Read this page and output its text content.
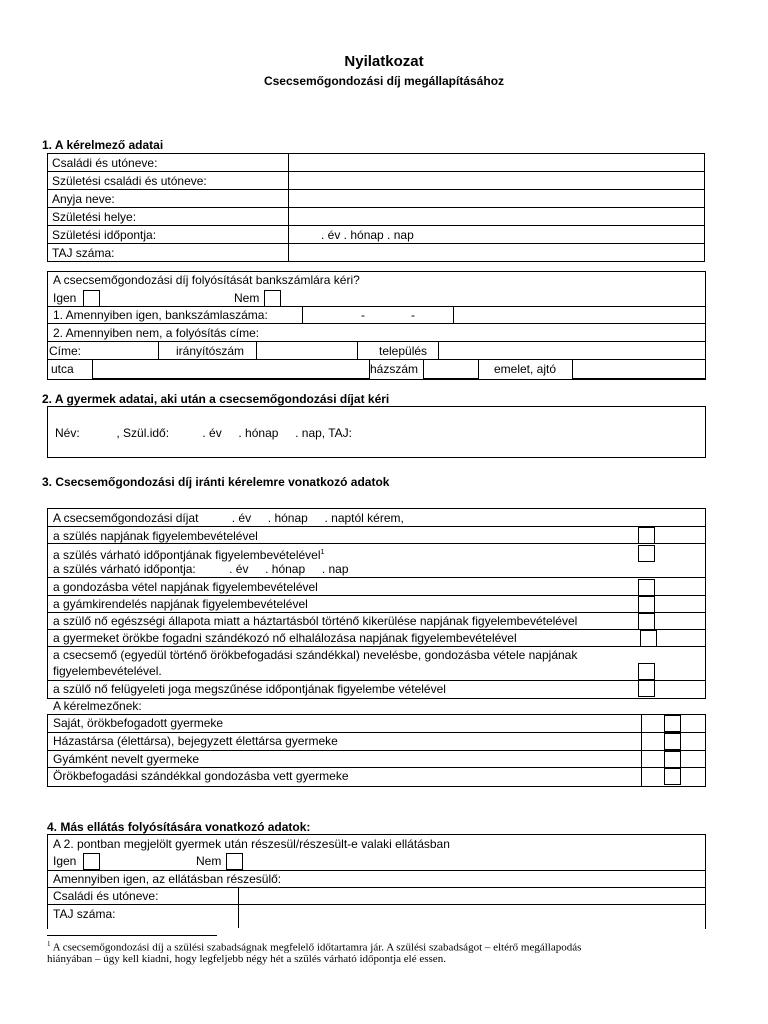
Nyilatkozat
Csecsemőgondozási díj megállapításához
1. A kérelmező adatai
Családi és utóneve:	
Születési családi és utóneve:	
Anyja neve:	
Születési helye:	
Születési időpontja:	. év . hónap . nap
TAJ száma:	
A csecsemőgondozási díj folyósítását bankszámlára kéri?
Igen	Nem
1. Amennyiben igen, bankszámlaszáma:	-	-
2. Amennyiben nem, a folyósítás címe:
Címe:	irányítószám	település
utca	házszám	emelet, ajtó
2. A gyermek adatai, aki után a csecsemőgondozási díjat kéri
Név:           , Szül.idő:          . év     . hónap     . nap, TAJ:
3. Csecsemőgondozási díj iránti kérelemre vonatkozó adatok
A csecsemőgondozási díjat          . év     . hónap     . naptól kérem,
a szülés napjának figyelembevételével
a szülés várható időpontjának figyelembevételével$^1$
a szülés várható időpontja:          . év     . hónap     . nap
a gondozásba vétel napjának figyelembevételével
a gyámkirendelés napjának figyelembevételével
a szülő nő egészségi állapota miatt a háztartásból történő kikerülése napjának figyelembevételével
a gyermeket örökbe fogadni szándékozó nő elhalálozása napjának figyelembevételével
a csecsemő (egyedül történő örökbefogadási szándékkal) nevelésbe, gondozásba vétele napjának
figyelembevételével.
a szülő nő felügyeleti joga megszűnése időpontjának figyelembe vételével
A kérelmezőnek:
Saját, örökbefogadott gyermeke
Házastársa (élettársa), bejegyzett élettársa gyermeke
Gyámként nevelt gyermeke
Örökbefogadási szándékkal gondozásba vett gyermeke
4. Más ellátás folyósítására vonatkozó adatok:
A 2. pontban megjelölt gyermek után részesül/részesült-e valaki ellátásban
Igen	Nem
Amennyiben igen, az ellátásban részesülő:
Családi és utóneve:
TAJ száma:
$^1$ A csecsemőgondozási díj a szülési szabadságnak megfelelő időtartamra jár. A szülési szabadságot – eltérő megállapodás
hiányában – úgy kell kiadni, hogy legfeljebb négy hét a szülés várható időpontja elé essen.
